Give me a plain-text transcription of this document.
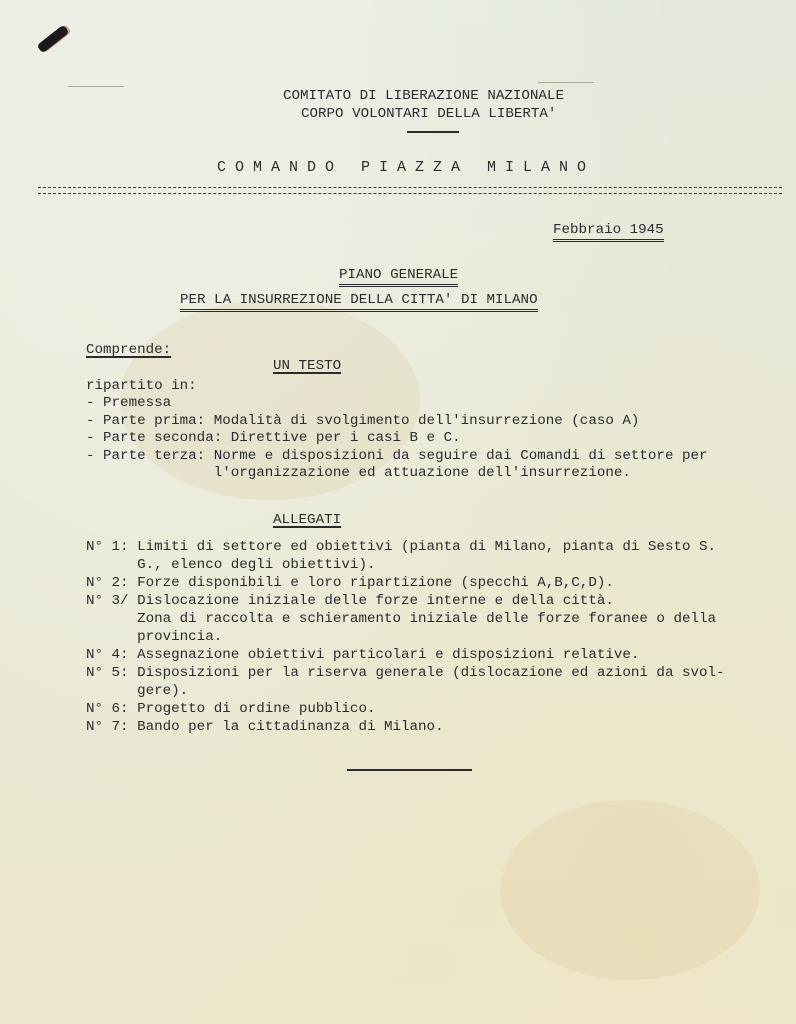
COMITATO DI LIBERAZIONE NAZIONALE
CORPO VOLONTARI DELLA LIBERTA'
C O M A N D O   P I A Z Z A   M I L A N O
Febbraio 1945
PIANO GENERALE
PER LA INSURREZIONE DELLA CITTA' DI MILANO
Comprende:
UN TESTO
ripartito in:
- Premessa
- Parte prima: Modalità di svolgimento dell'insurrezione (caso A)
- Parte seconda: Direttive per i casi B e C.
- Parte terza: Norme e disposizioni da seguire dai Comandi di settore per
l'organizzazione ed attuazione dell'insurrezione.
ALLEGATI
N° 1: Limiti di settore ed obiettivi (pianta di Milano, pianta di Sesto S.
G., elenco degli obiettivi).
N° 2: Forze disponibili e loro ripartizione (specchi A,B,C,D).
N° 3/ Dislocazione iniziale delle forze interne e della città.
Zona di raccolta e schieramento iniziale delle forze foranee o della
provincia.
N° 4: Assegnazione obiettivi particolari e disposizioni relative.
N° 5: Disposizioni per la riserva generale (dislocazione ed azioni da svol-
gere).
N° 6: Progetto di ordine pubblico.
N° 7: Bando per la cittadinanza di Milano.
